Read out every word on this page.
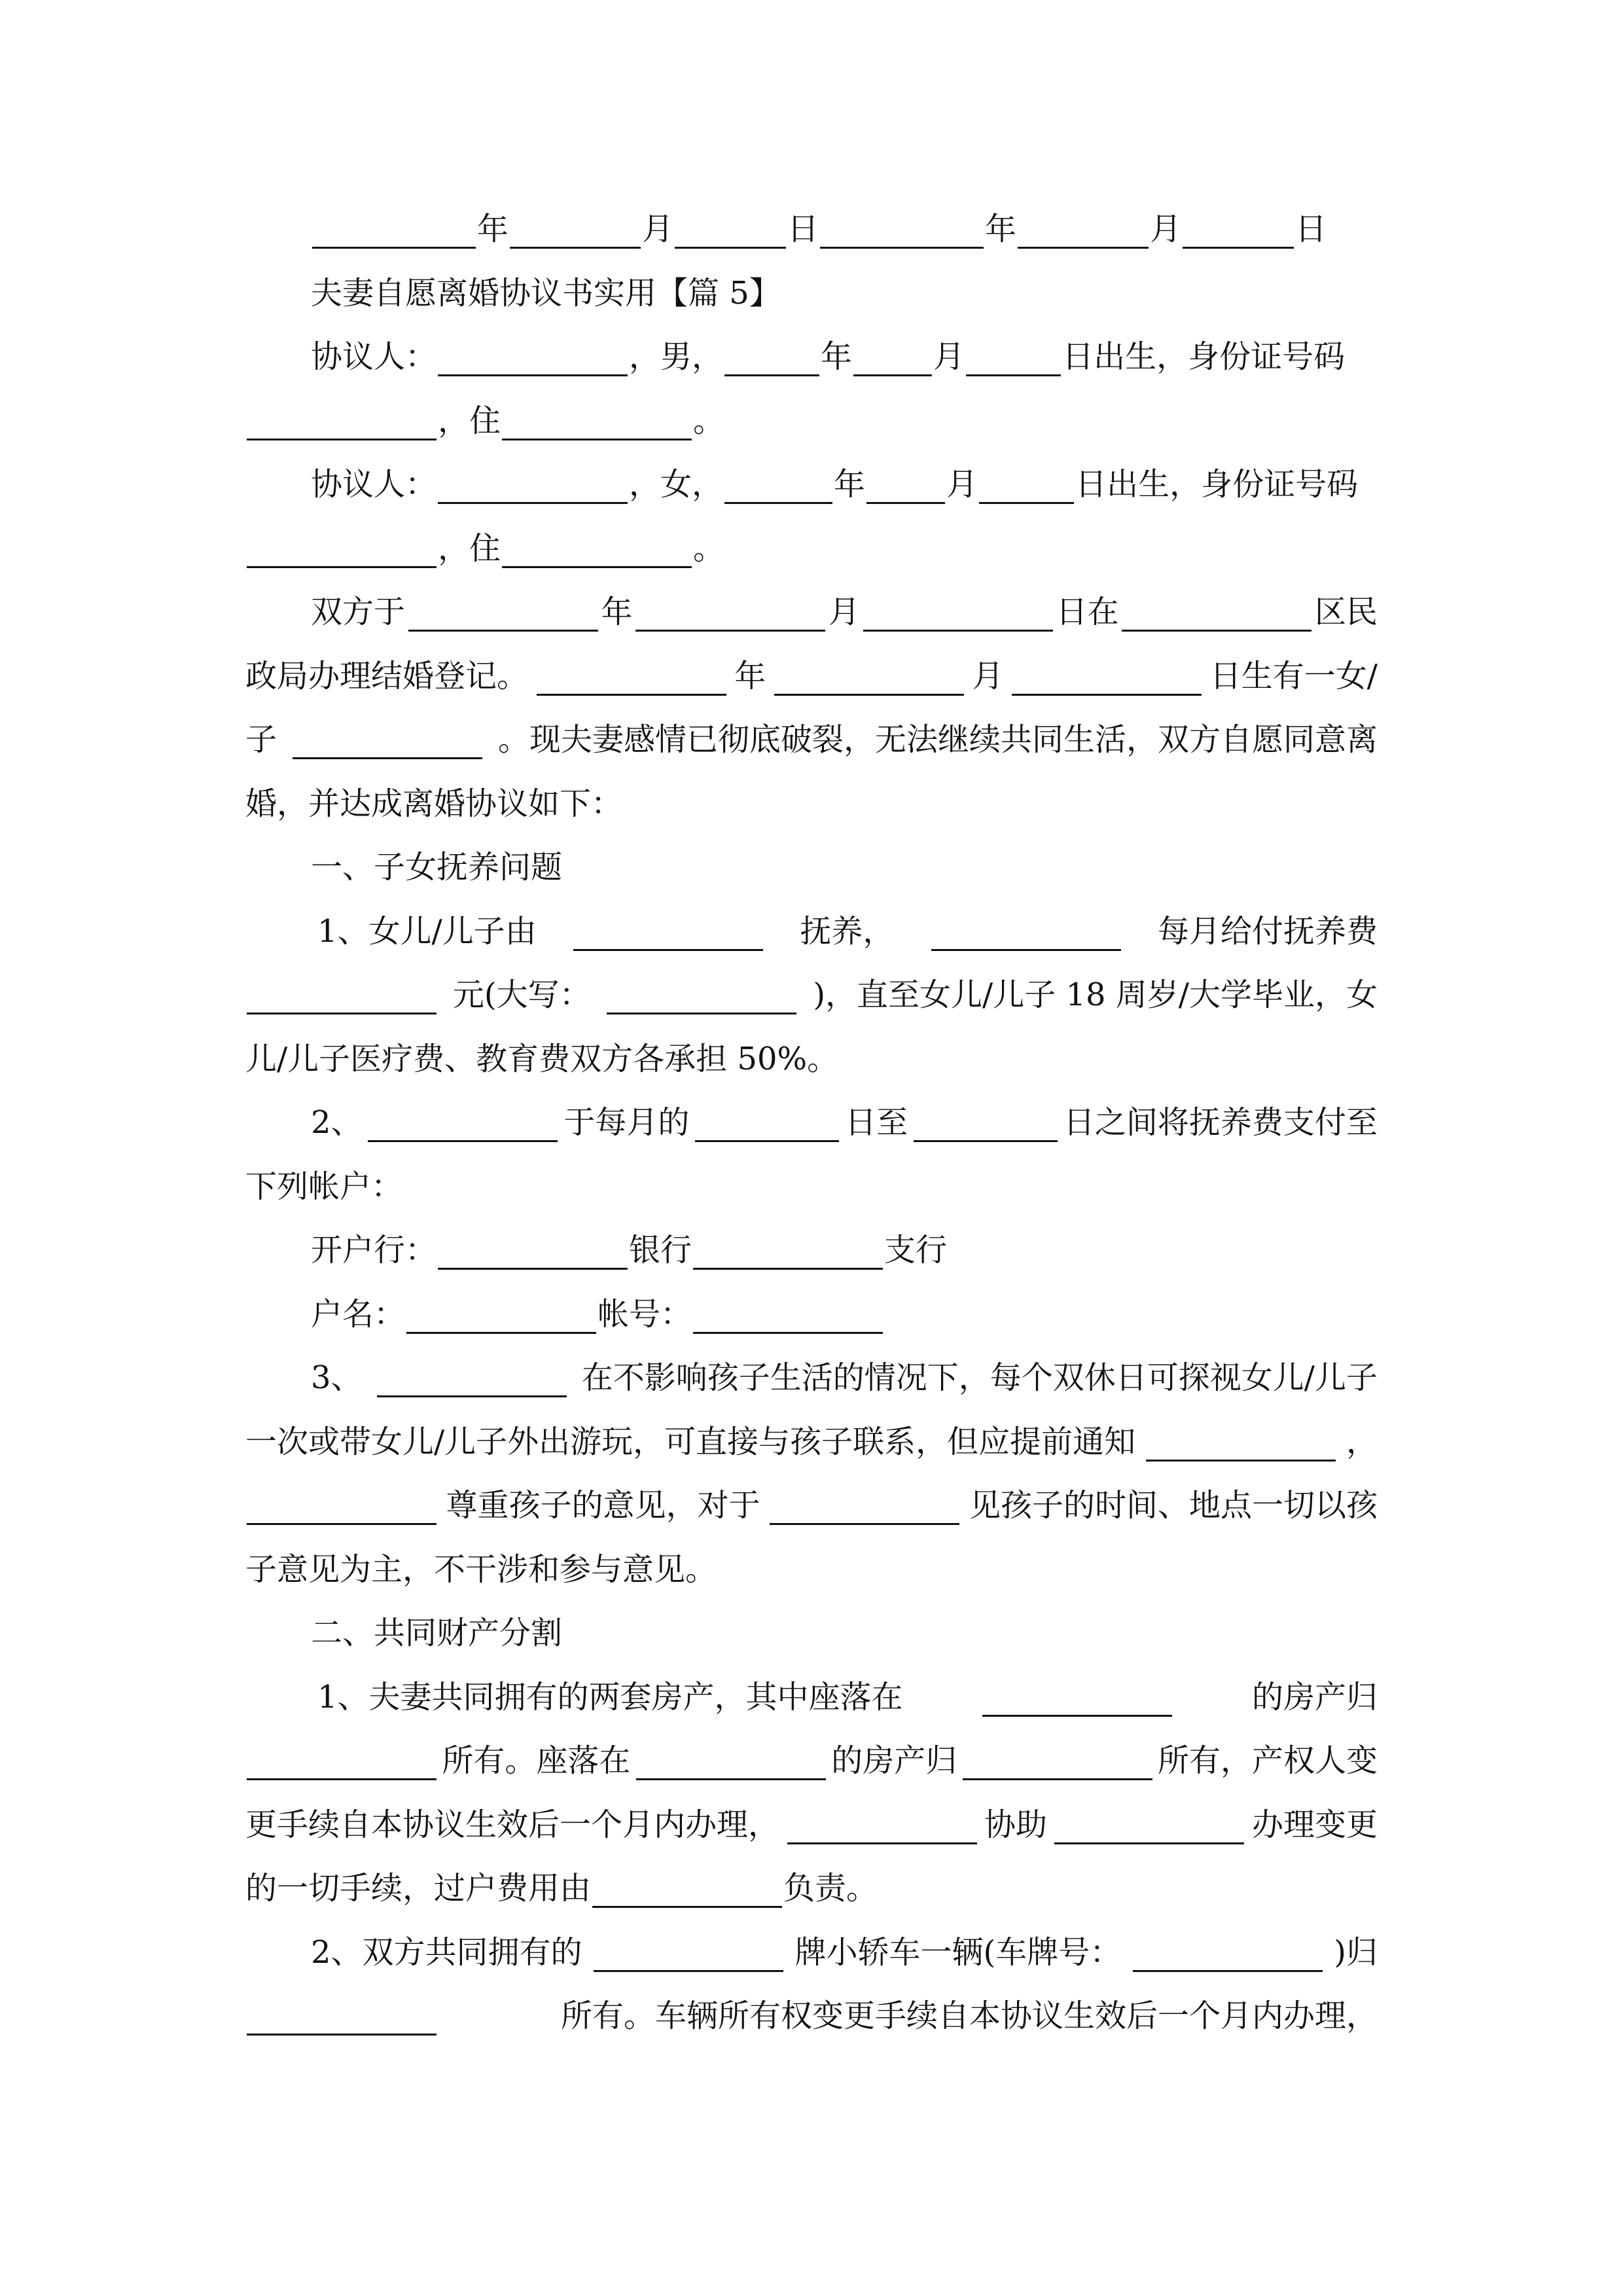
年	月	日	年	月	日
夫妻自愿离婚协议书实用【篇 5】
协议人：	，男，	年	月	日出生，身份证号码
，住	。
协议人：	，女，	年	月	日出生，身份证号码
，住	。
双方于	年	月	日在	区民
政局办理结婚登记。	年	月	日生有一女/
子	。现夫妻感情已彻底破裂，无法继续共同生活，双方自愿同意离
婚，并达成离婚协议如下：
一、子女抚养问题
1、女儿/儿子由	抚养，	每月给付抚养费
元(大写：	)，直至女儿/儿子 18 周岁/大学毕业，女
儿/儿子医疗费、教育费双方各承担 50%。
2、	于每月的	日至	日之间将抚养费支付至
下列帐户：
开户行：	银行	支行
户名：	帐号：
3、	在不影响孩子生活的情况下，每个双休日可探视女儿/儿子
一次或带女儿/儿子外出游玩，可直接与孩子联系，但应提前通知	，
尊重孩子的意见，对于	见孩子的时间、地点一切以孩
子意见为主，不干涉和参与意见。
二、共同财产分割
1、夫妻共同拥有的两套房产，其中座落在	的房产归
所有。座落在	的房产归	所有，产权人变
更手续自本协议生效后一个月内办理，	协助	办理变更
的一切手续，过户费用由	负责。
2、双方共同拥有的	牌小轿车一辆(车牌号：	)归
所有。车辆所有权变更手续自本协议生效后一个月内办理，
